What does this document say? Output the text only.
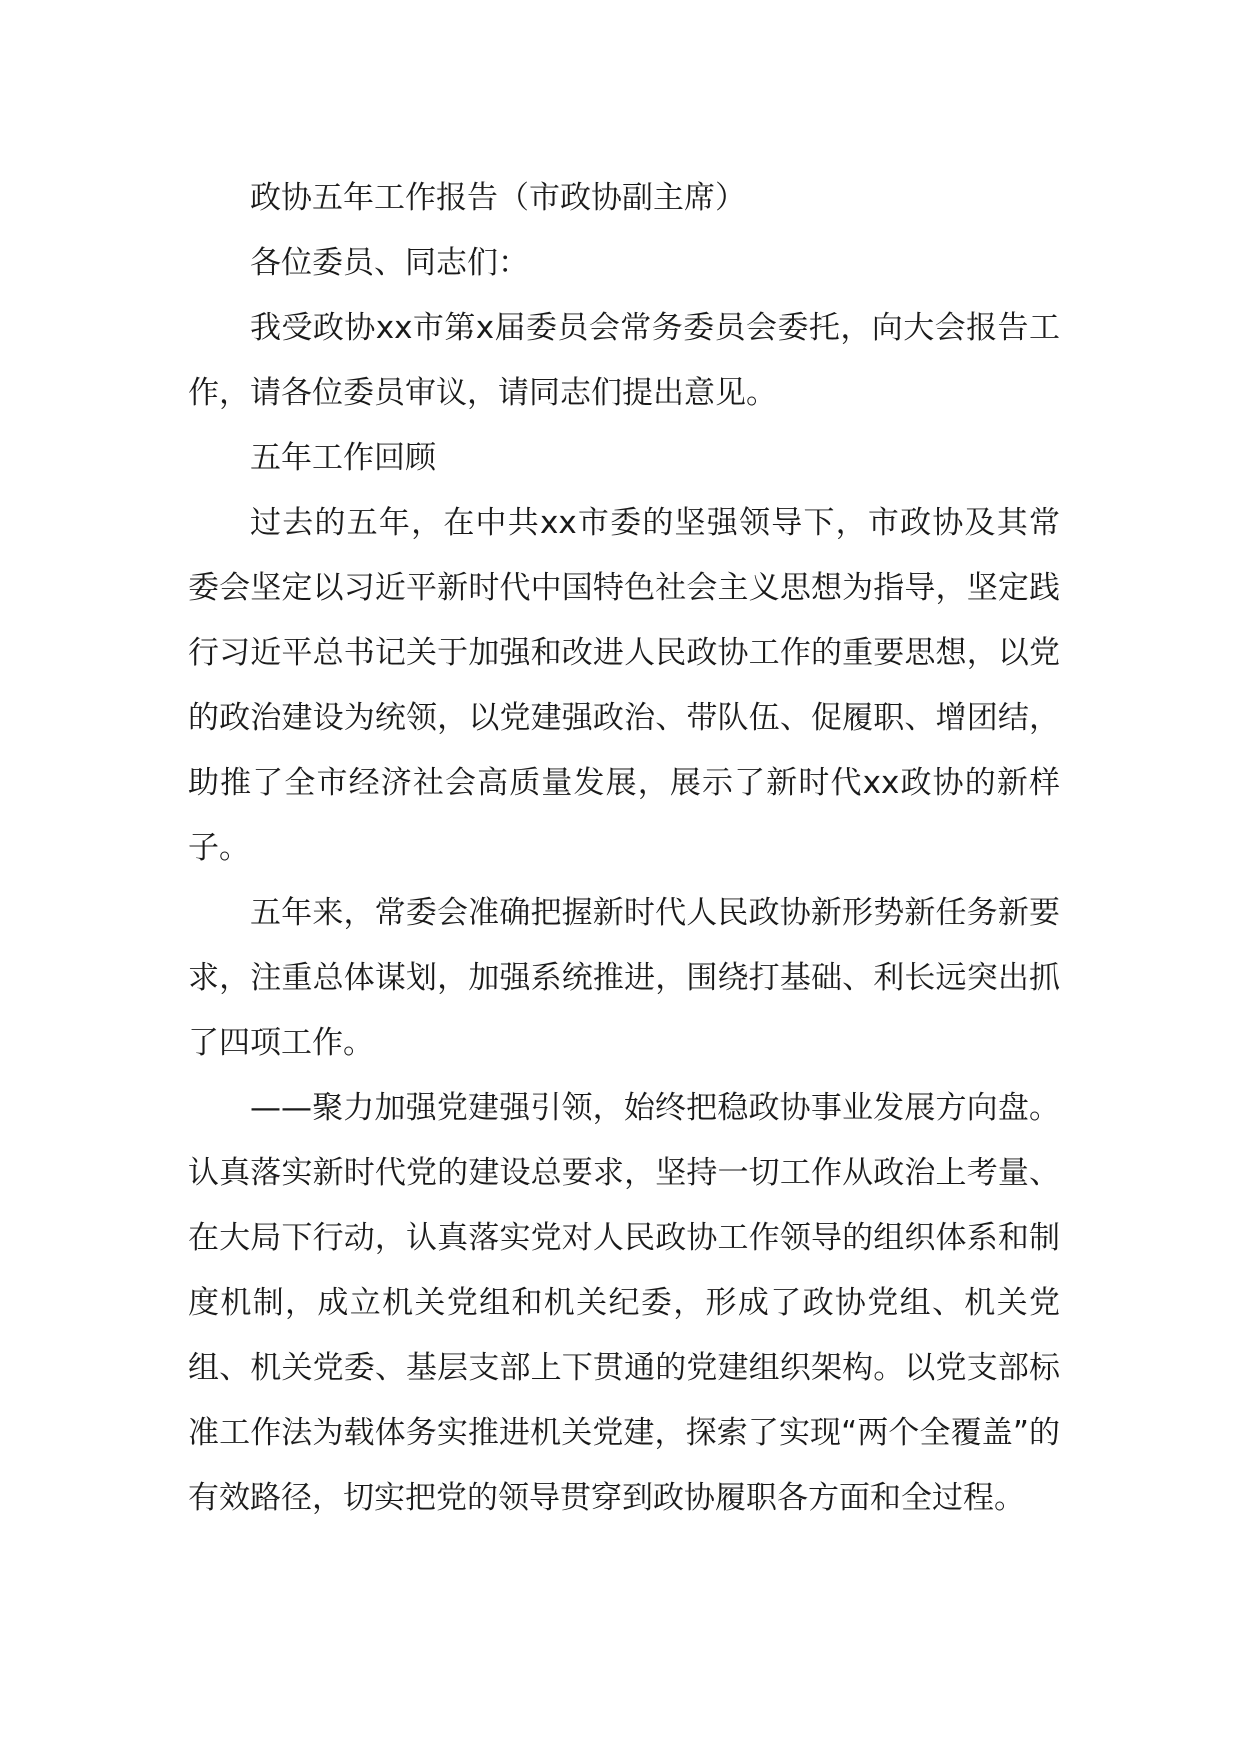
政协五年工作报告（市政协副主席）

各位委员、同志们：

我受政协xx市第x届委员会常务委员会委托，向大会报告工作，请各位委员审议，请同志们提出意见。

五年工作回顾

过去的五年，在中共xx市委的坚强领导下，市政协及其常委会坚定以习近平新时代中国特色社会主义思想为指导，坚定践行习近平总书记关于加强和改进人民政协工作的重要思想，以党的政治建设为统领，以党建强政治、带队伍、促履职、增团结，助推了全市经济社会高质量发展，展示了新时代xx政协的新样子。

五年来，常委会准确把握新时代人民政协新形势新任务新要求，注重总体谋划，加强系统推进，围绕打基础、利长远突出抓了四项工作。

——聚力加强党建强引领，始终把稳政协事业发展方向盘。认真落实新时代党的建设总要求，坚持一切工作从政治上考量、在大局下行动，认真落实党对人民政协工作领导的组织体系和制度机制，成立机关党组和机关纪委，形成了政协党组、机关党组、机关党委、基层支部上下贯通的党建组织架构。以党支部标准工作法为载体务实推进机关党建，探索了实现“两个全覆盖”的有效路径，切实把党的领导贯穿到政协履职各方面和全过程。
